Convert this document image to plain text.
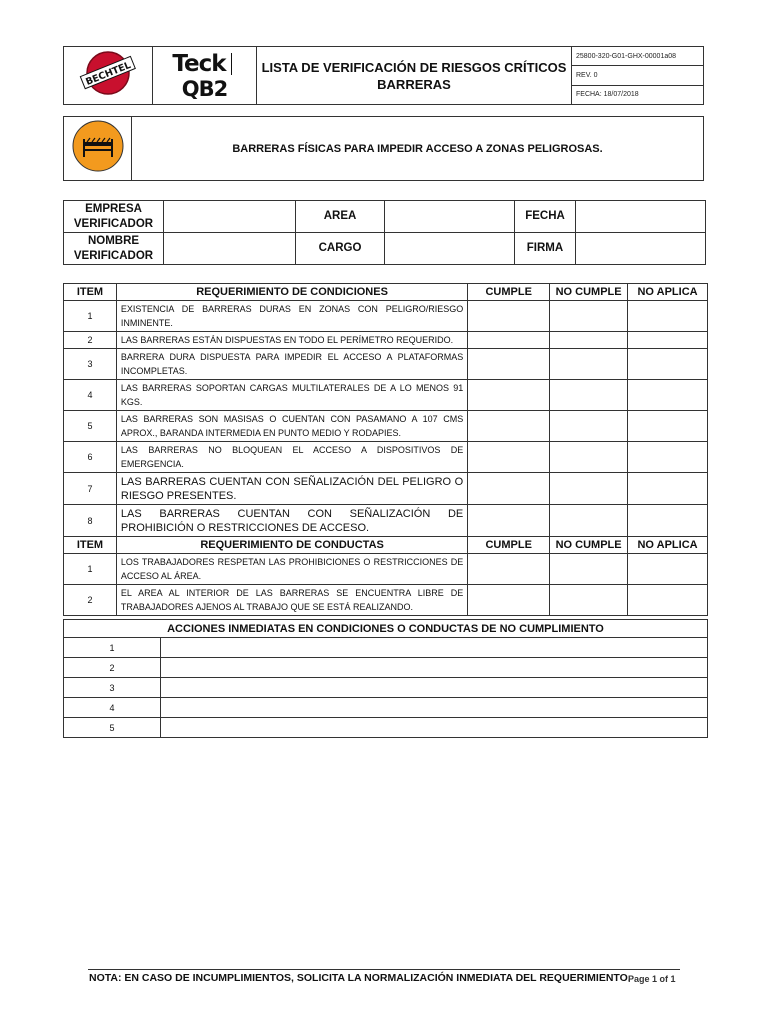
BECHTEL	TeckQB2	
LISTA DE VERIFICACIÓN DE RIESGOS CRÍTICOS
BARRERAS
	25800-320-G01-GHX-00001a08
REV. 0
FECHA: 18/07/2018
	BARRERAS FÍSICAS PARA IMPEDIR ACCESO A ZONAS PELIGROSAS.
EMPRESA
VERIFICADOR		AREA		FECHA	

NOMBRE
VERIFICADOR		CARGO		FIRMA	
ITEM	REQUERIMIENTO DE CONDICIONES	CUMPLE	NO CUMPLE	NO APLICA
1	EXISTENCIA DE BARRERAS DURAS EN ZONAS CON PELIGRO/RIESGO INMINENTE.			
2	LAS BARRERAS ESTÁN DISPUESTAS EN TODO EL PERÍMETRO REQUERIDO.			
3	BARRERA DURA DISPUESTA PARA IMPEDIR EL ACCESO A PLATAFORMAS INCOMPLETAS.			
4	LAS BARRERAS SOPORTAN CARGAS MULTILATERALES DE A LO MENOS 91 KGS.			
5	LAS BARRERAS SON MASISAS O CUENTAN CON PASAMANO A 107 CMS APROX., BARANDA INTERMEDIA EN PUNTO MEDIO Y RODAPIES.			
6	LAS BARRERAS NO BLOQUEAN EL ACCESO A DISPOSITIVOS DE EMERGENCIA.			
7	LAS BARRERAS CUENTAN CON SEÑALIZACIÓN DEL PELIGRO O RIESGO PRESENTES.			
8	LAS BARRERAS CUENTAN CON SEÑALIZACIÓN DE PROHIBICIÓN O RESTRICCIONES DE ACCESO.			
ITEM	REQUERIMIENTO DE CONDUCTAS	CUMPLE	NO CUMPLE	NO APLICA
1	LOS TRABAJADORES RESPETAN LAS PROHIBICIONES O RESTRICCIONES DE ACCESO AL ÁREA.			
2	EL AREA AL INTERIOR DE LAS BARRERAS SE ENCUENTRA LIBRE DE TRABAJADORES AJENOS AL TRABAJO QUE SE ESTÁ REALIZANDO.			
ACCIONES INMEDIATAS EN CONDICIONES O CONDUCTAS DE NO CUMPLIMIENTO	
1	
2	
3	
4	
5	
NOTA: EN CASO DE INCUMPLIMIENTOS, SOLICITA LA NORMALIZACIÓN INMEDIATA DEL REQUERIMIENTO.
Page 1 of 1
